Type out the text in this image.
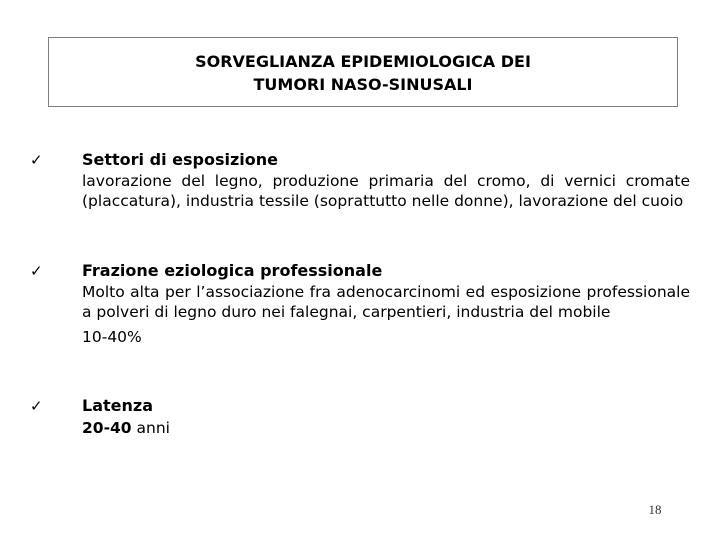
SORVEGLIANZA EPIDEMIOLOGICA DEI
TUMORI NASO-SINUSALI
✓ Settori di esposizione
lavorazione del legno, produzione primaria del cromo, di vernici cromate (placcatura), industria tessile (soprattutto nelle donne), lavorazione del cuoio
✓ Frazione eziologica professionale
Molto alta per l’associazione fra adenocarcinomi ed esposizione professionale a polveri di legno duro nei falegnai, carpentieri, industria del mobile
10-40%
✓ Latenza
20-40 anni
18
